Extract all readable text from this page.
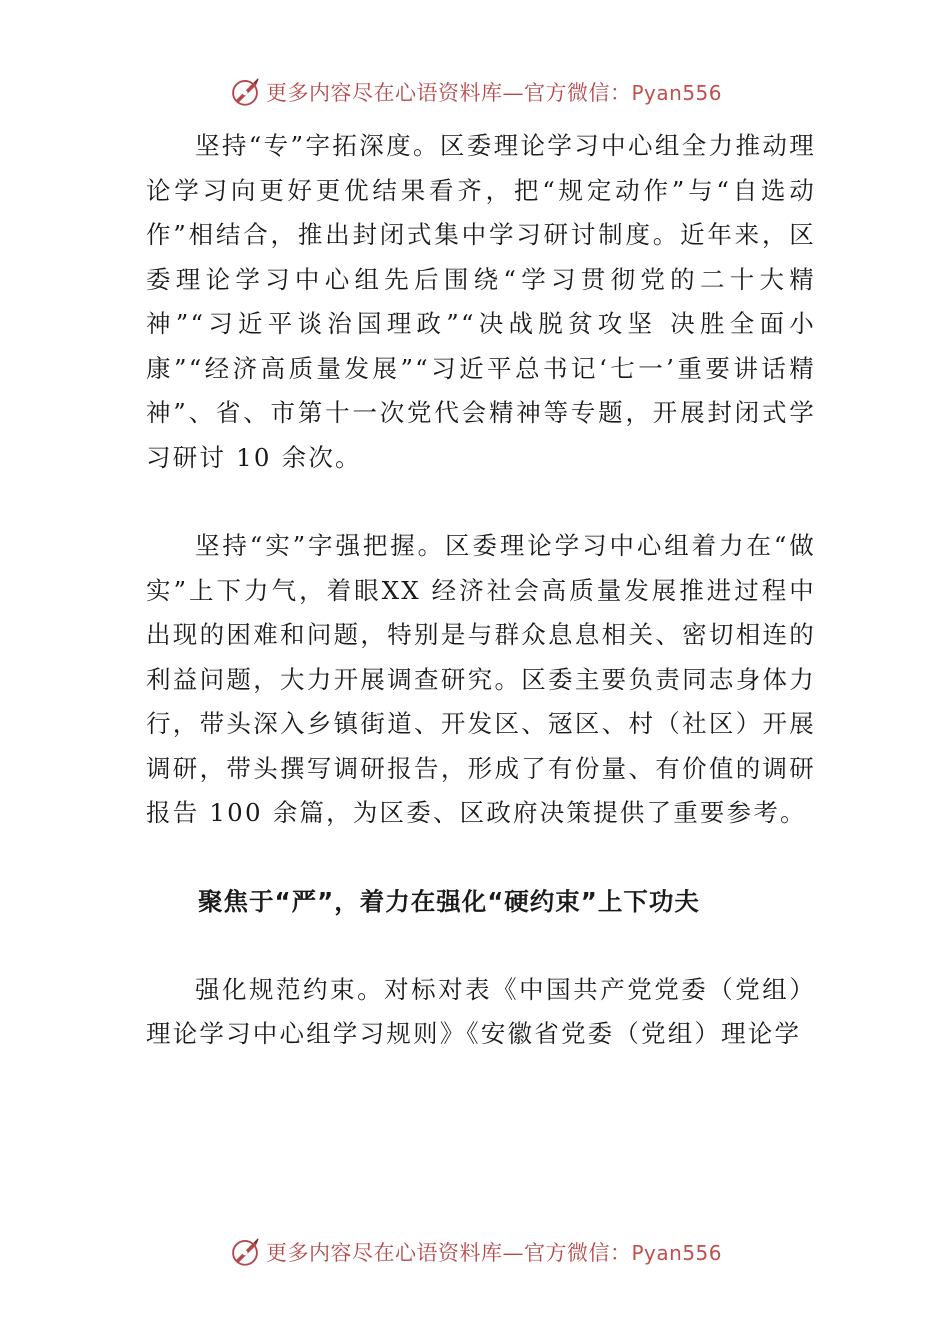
更多内容尽在心语资料库—官方微信：Pyan556

坚持“专”字拓深度。区委理论学习中心组全力推动理论学习向更好更优结果看齐，把“规定动作”与“自选动作”相结合，推出封闭式集中学习研讨制度。近年来，区委理论学习中心组先后围绕“学习贯彻党的二十大精神”“习近平谈治国理政”“决战脱贫攻坚 决胜全面小康”“经济高质量发展”“习近平总书记‘七一’重要讲话精神”、省、市第十一次党代会精神等专题，开展封闭式学习研讨 10 余次。

坚持“实”字强把握。区委理论学习中心组着力在“做实”上下力气，着眼XX 经济社会高质量发展推进过程中出现的困难和问题，特别是与群众息息相关、密切相连的利益问题，大力开展调查研究。区委主要负责同志身体力行，带头深入乡镇街道、开发区、㓂区、村（社区）开展调研，带头撰写调研报告，形成了有份量、有价值的调研报告 100 余篇，为区委、区政府决策提供了重要参考。

聚焦于“严”，着力在强化“硬约束”上下功夫

强化规范约束。对标对表《中国共产党党委（党组）理论学习中心组学习规则》《安徽省党委（党组）理论学

更多内容尽在心语资料库—官方微信：Pyan556
